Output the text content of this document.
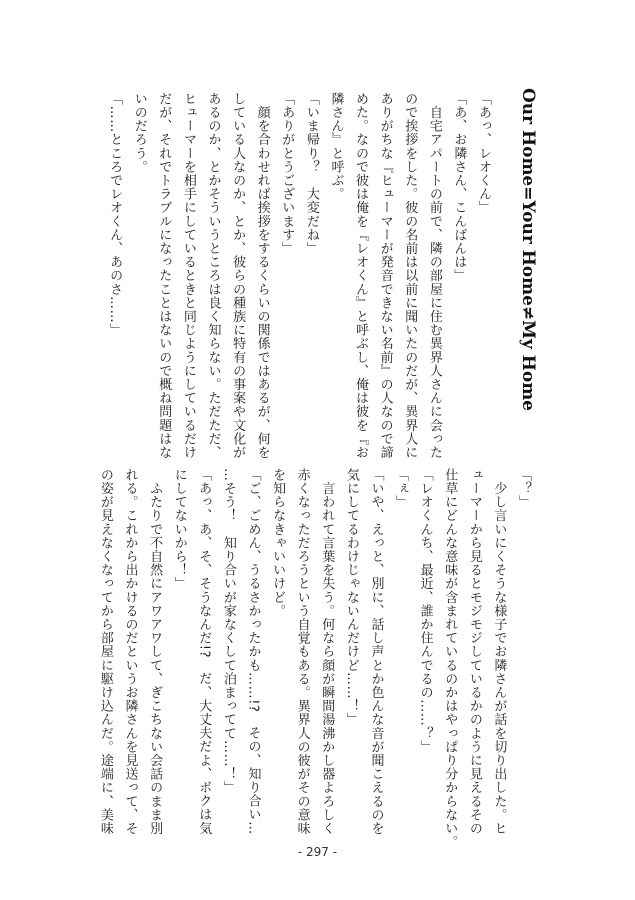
Our Home=Your Home≠My Home
「あっ、レオくん」
「あ、お隣さん、こんばんは」
　自宅アパートの前で、隣の部屋に住む異界人さんに会った
ので挨拶をした。彼の名前は以前に聞いたのだが、異界人に
ありがちな『ヒューマーが発音できない名前』の人なので諦
めた。なので彼は俺を『レオくん』と呼ぶし、俺は彼を『お
隣さん』と呼ぶ。
「いま帰り？　大変だね」
「ありがとうございます」
　顔を合わせれば挨拶をするくらいの関係ではあるが、何を
している人なのか、とか、彼らの種族に特有の事案や文化が
あるのか、とかそういうところは良く知らない。ただただ、
ヒューマーを相手にしているときと同じようにしているだけ
だが、それでトラブルになったことはないので概ね問題はな
いのだろう。
「……ところでレオくん、あのさ……」
「？」
　少し言いにくそうな様子でお隣さんが話を切り出した。ヒ
ューマーから見るとモジモジしているかのように見えるその
仕草にどんな意味が含まれているのかはやっぱり分からない。
「レオくんち、最近、誰か住んでるの……？」
「ぇ」
「いや、えっと、別に、話し声とか色んな音が聞こえるのを
気にしてるわけじゃないんだけど……！」
　言われて言葉を失う。何なら顔が瞬間湯沸かし器よろしく
赤くなっただろうという自覚もある。異界人の彼がその意味
を知らなきゃいいけど。
「ご、ごめん、うるさかったかも……!?　その、知り合い…
…そう！　知り合いが家なくして泊まってて……！」
「あっ、あ、そ、そうなんだ!?　だ、大丈夫だよ、ボクは気
にしてないから！」
　ふたりで不自然にアワアワして、ぎこちない会話のまま別
れる。これから出かけるのだというお隣さんを見送って、そ
の姿が見えなくなってから部屋に駆け込んだ。途端に、美味
- 297 -
